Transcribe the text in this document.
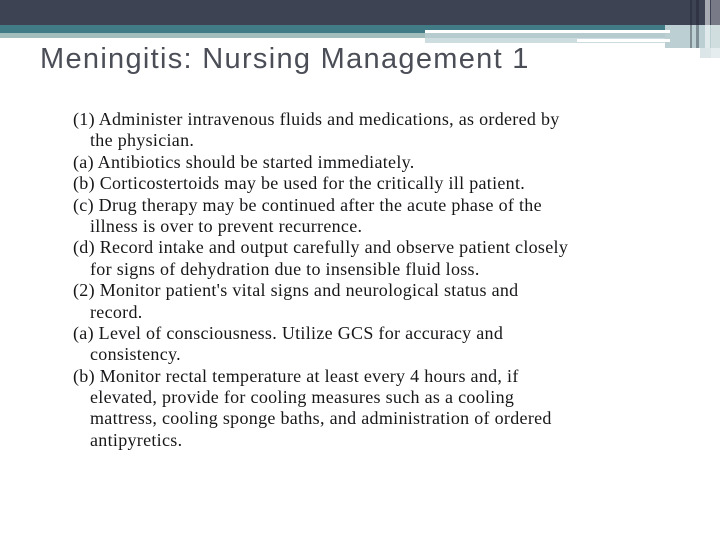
Meningitis: Nursing Management 1
(1) Administer intravenous fluids and medications, as ordered by
the physician.
(a) Antibiotics should be started immediately.
(b) Corticostertoids may be used for the critically ill patient.
(c) Drug therapy may be continued after the acute phase of the
illness is over to prevent recurrence.
(d) Record intake and output carefully and observe patient closely
for signs of dehydration due to insensible fluid loss.
(2) Monitor patient's vital signs and neurological status and
record.
(a) Level of consciousness. Utilize GCS for accuracy and
consistency.
(b) Monitor rectal temperature at least every 4 hours and, if
elevated, provide for cooling measures such as a cooling
mattress, cooling sponge baths, and administration of ordered
antipyretics.
